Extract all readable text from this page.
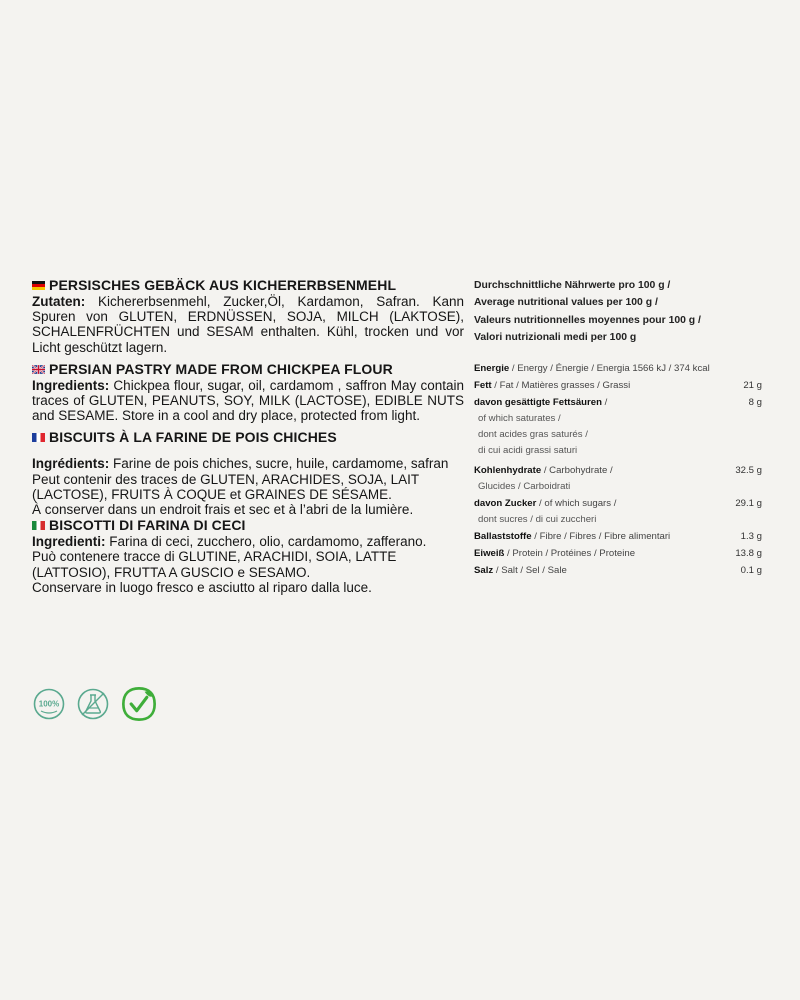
PERSISCHES GEBÄCK AUS KICHERERBSENMEHL
Zutaten: Kichererbsenmehl, Zucker,Öl, Kardamon, Safran. Kann Spuren von GLUTEN, ERDNÜSSEN, SOJA, MILCH (LAKTOSE), SCHALENFRÜCHTEN und SESAM enthalten. Kühl, trocken und vor Licht geschützt lagern.
PERSIAN PASTRY MADE FROM CHICKPEA FLOUR
Ingredients: Chickpea flour, sugar, oil, cardamom , saffron May contain traces of GLUTEN, PEANUTS, SOY, MILK (LACTOSE), EDIBLE NUTS and SESAME. Store in a cool and dry place, protected from light.
BISCUITS À LA FARINE DE POIS CHICHES
Ingrédients: Farine de pois chiches, sucre, huile, cardamome, safran
Peut contenir des traces de GLUTEN, ARACHIDES, SOJA, LAIT (LACTOSE), FRUITS À COQUE et GRAINES DE SÉSAME.
À conserver dans un endroit frais et sec et à l’abri de la lumière.
BISCOTTI DI FARINA DI CECI
Ingredienti: Farina di ceci, zucchero, olio, cardamomo, zafferano.
Può contenere tracce di GLUTINE, ARACHIDI, SOIA, LATTE (LATTOSIO), FRUTTA A GUSCIO e SESAMO.
Conservare in luogo fresco e asciutto al riparo dalla luce.
Durchschnittliche Nährwerte pro 100 g /
Average nutritional values per 100 g /
Valeurs nutritionnelles moyennes pour 100 g /
Valori nutrizionali medi per 100 g
Energie / Energy / Énergie / Energia 1566 kJ / 374 kcal
Fett / Fat / Matières grasses / Grassi	21 g
davon gesättigte Fettsäuren /	8 g
of which saturates /
dont acides gras saturés /
di cui acidi grassi saturi
Kohlenhydrate / Carbohydrate /	32.5 g
Glucides / Carboidrati
davon Zucker / of which sugars /	29.1 g
dont sucres / di cui zuccheri
Ballaststoffe / Fibre / Fibres / Fibre alimentari	1.3 g
Eiweiß / Protein / Protéines / Proteine	13.8 g
Salz / Salt / Sel / Sale	0.1 g
100%
